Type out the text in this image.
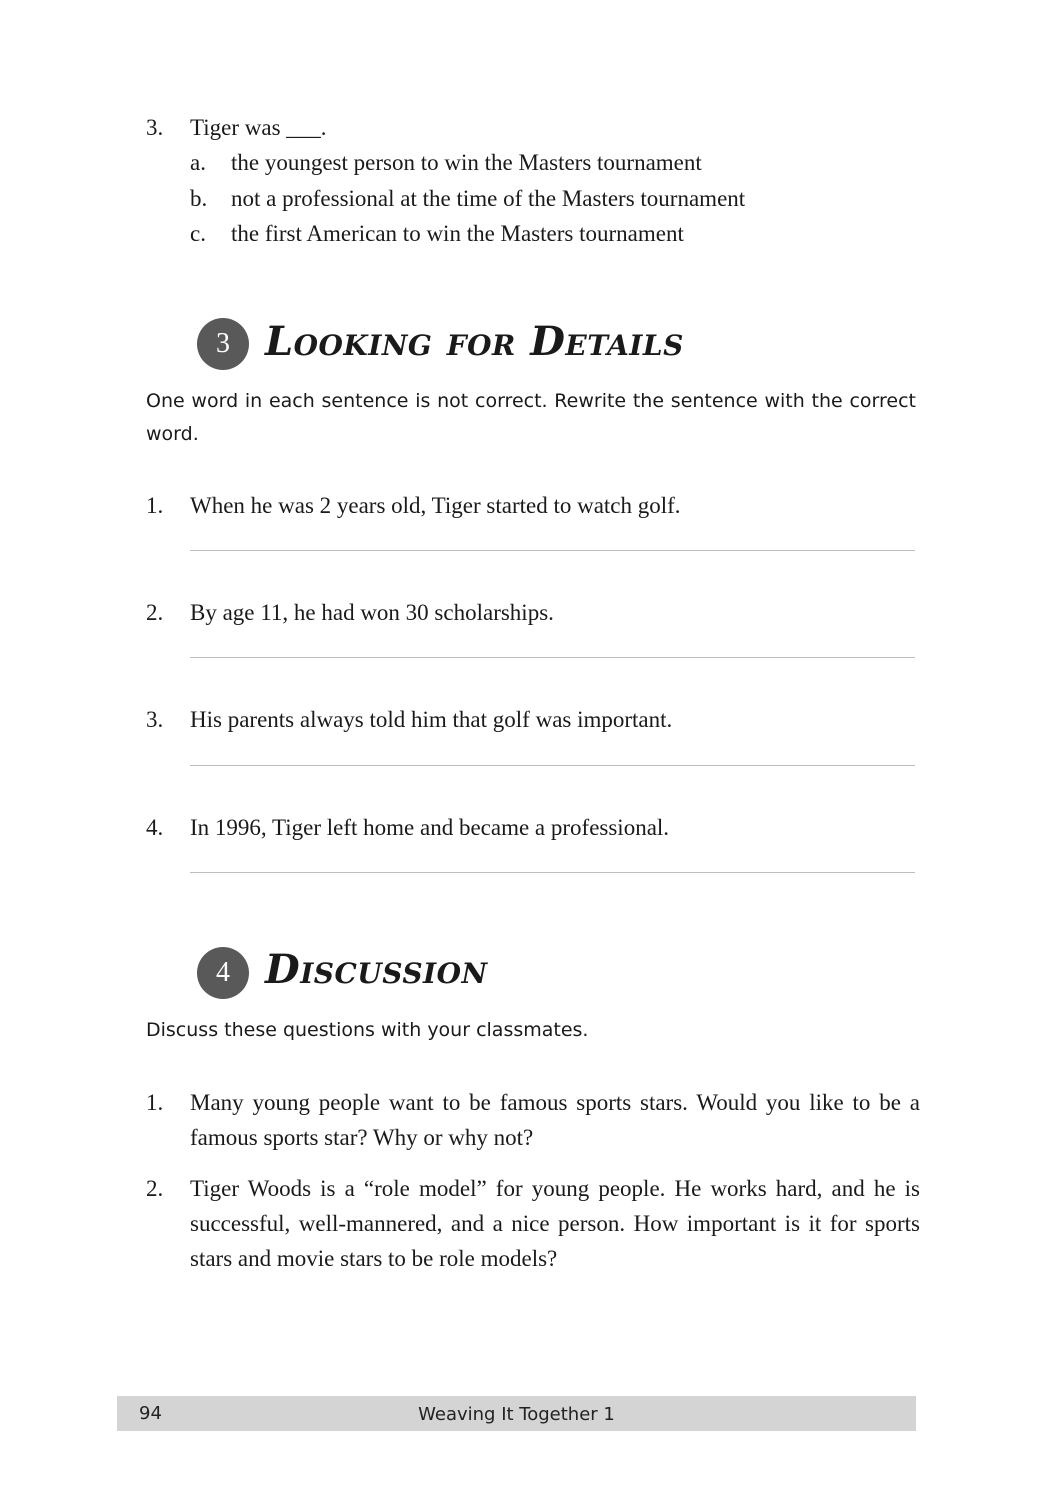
3. Tiger was ___.
a. the youngest person to win the Masters tournament
b. not a professional at the time of the Masters tournament
c. the first American to win the Masters tournament
3 Looking for Details
One word in each sentence is not correct. Rewrite the sentence with the correct word.
1. When he was 2 years old, Tiger started to watch golf.
2. By age 11, he had won 30 scholarships.
3. His parents always told him that golf was important.
4. In 1996, Tiger left home and became a professional.
4 Discussion
Discuss these questions with your classmates.
1. Many young people want to be famous sports stars. Would you like to be a famous sports star? Why or why not?
2. Tiger Woods is a “role model” for young people. He works hard, and he is successful, well-mannered, and a nice person. How important is it for sports stars and movie stars to be role models?
Weaving It Together 1
94
